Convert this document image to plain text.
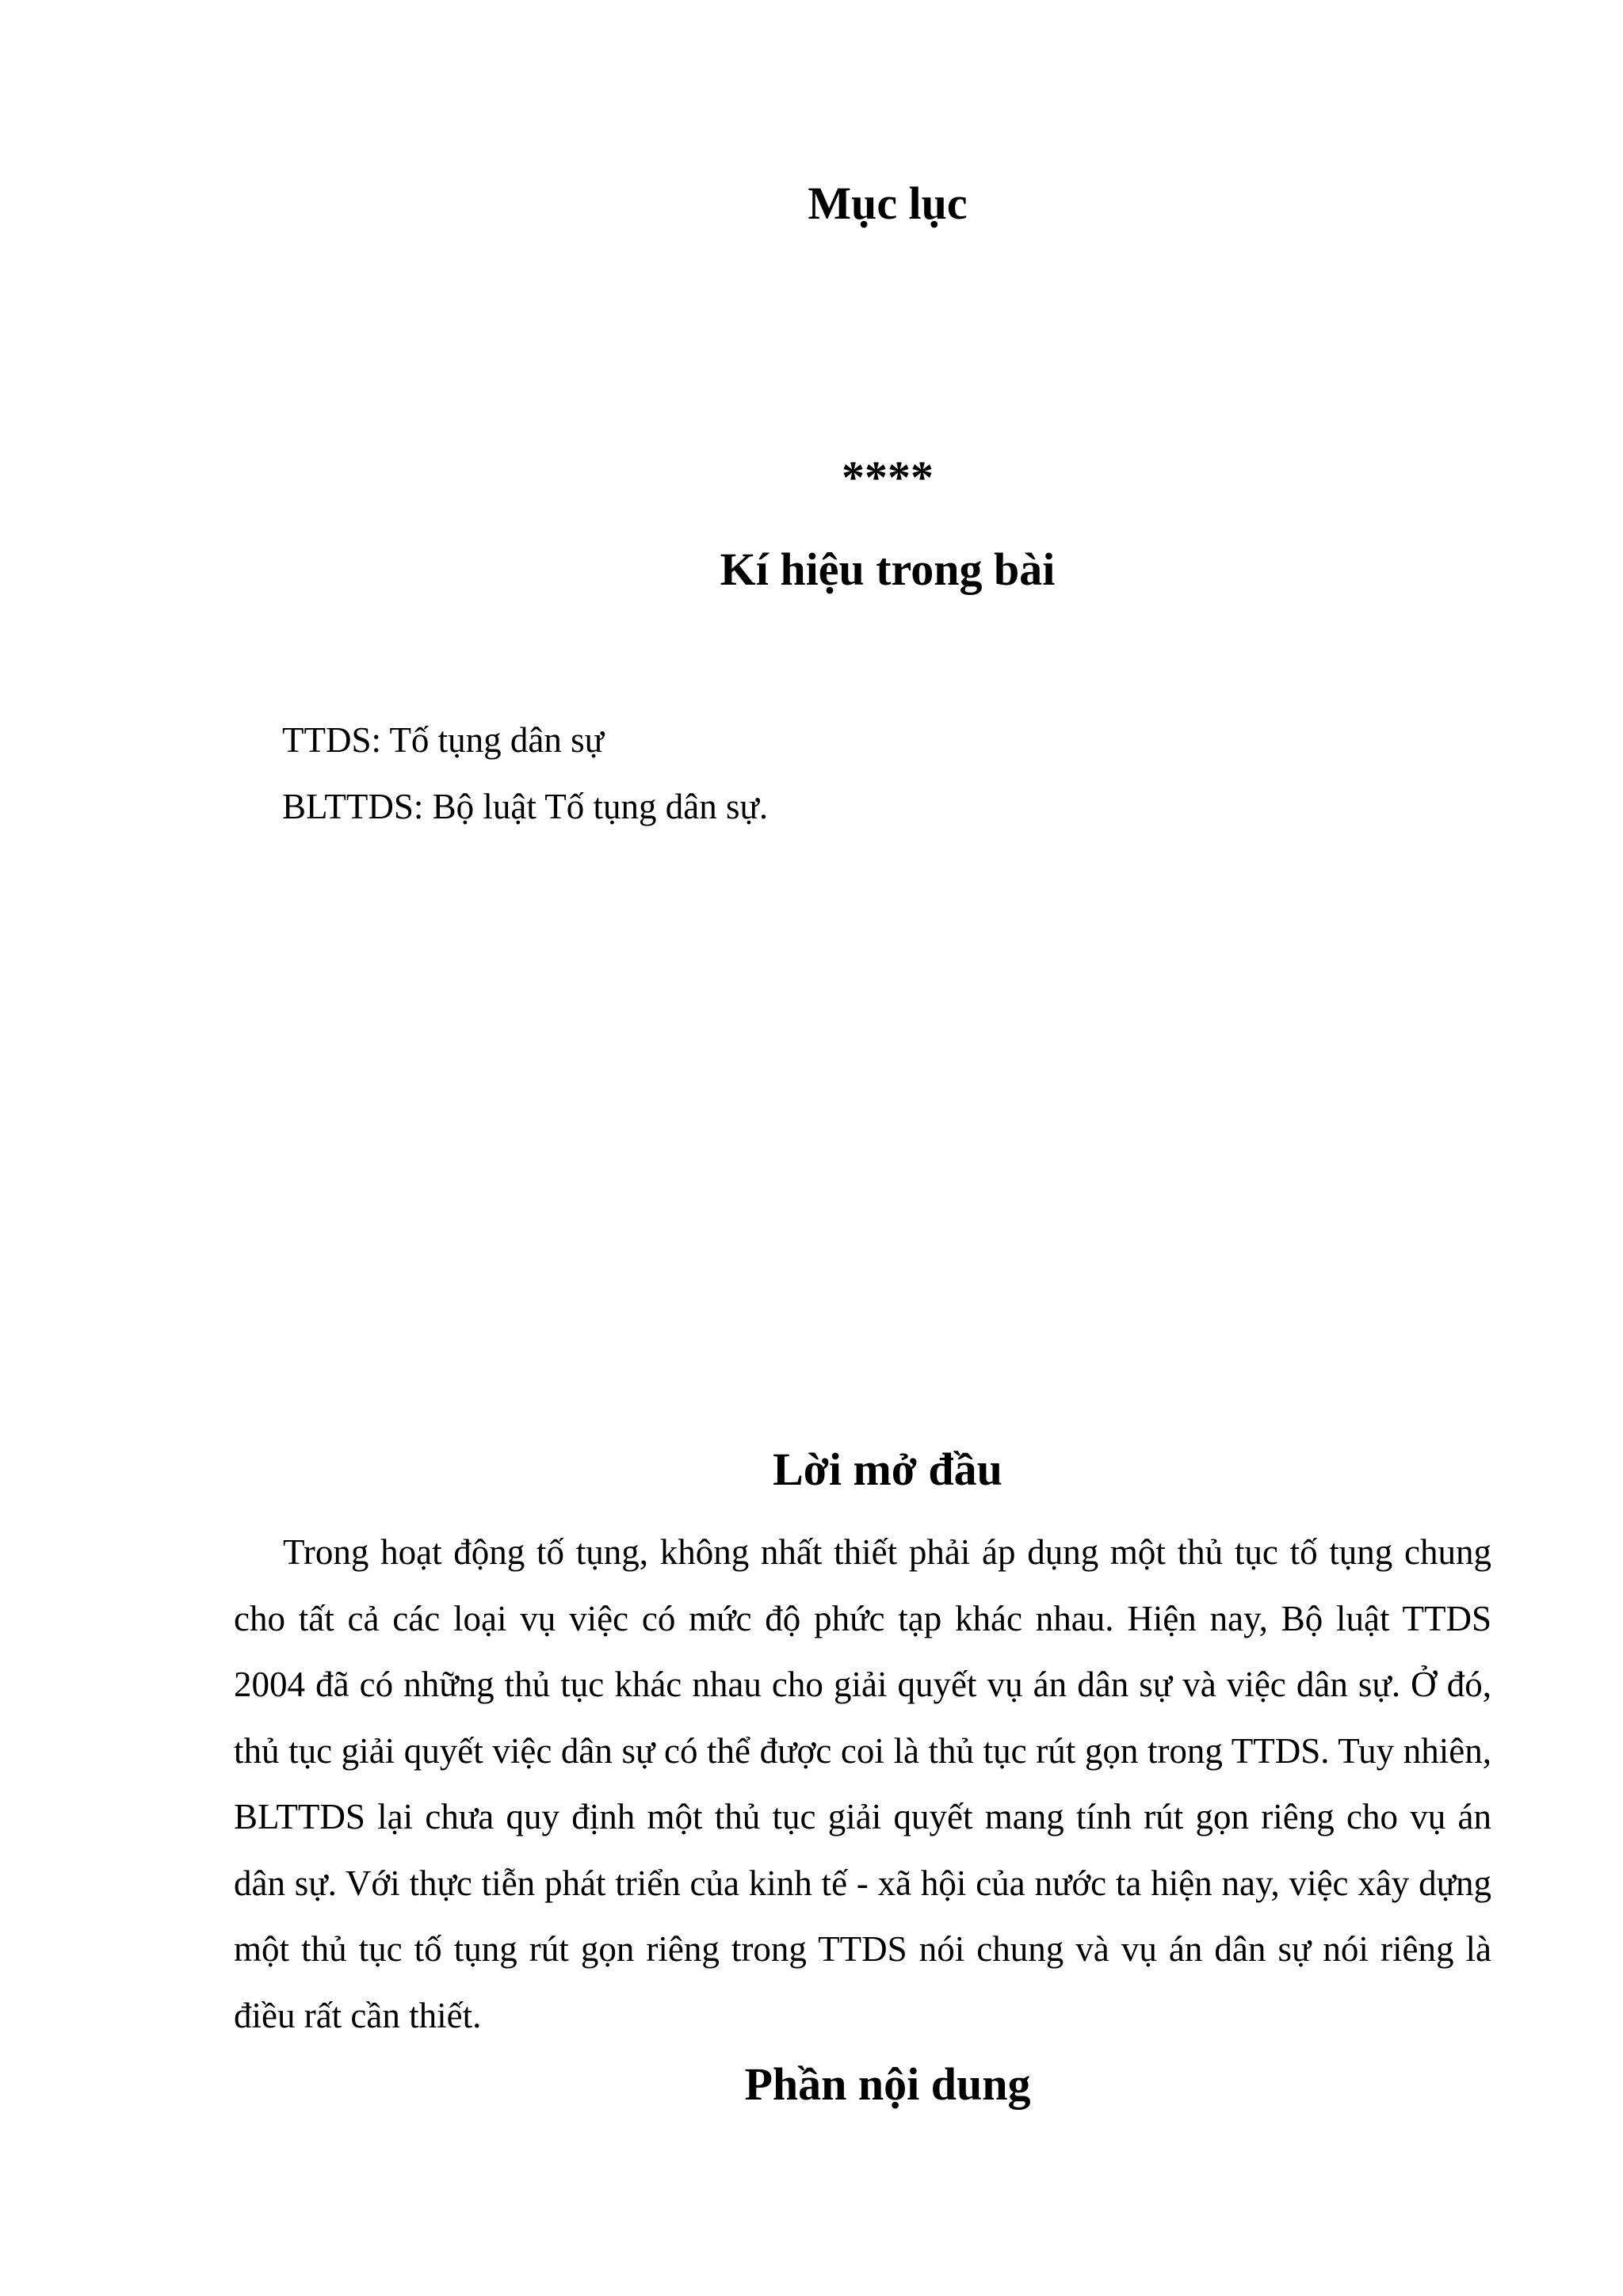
Mục lục
****
Kí hiệu trong bài
TTDS: Tố tụng dân sự
BLTTDS: Bộ luật Tố tụng dân sự.
Lời mở đầu

Trong hoạt động tố tụng, không nhất thiết phải áp dụng một thủ tục tố tụng chung cho tất cả các loại vụ việc có mức độ phức tạp khác nhau. Hiện nay, Bộ luật TTDS 2004 đã có những thủ tục khác nhau cho giải quyết vụ án dân sự và việc dân sự. Ở đó, thủ tục giải quyết việc dân sự có thể được coi là thủ tục rút gọn trong TTDS. Tuy nhiên, BLTTDS lại chưa quy định một thủ tục giải quyết mang tính rút gọn riêng cho vụ án dân sự. Với thực tiễn phát triển của kinh tế - xã hội của nước ta hiện nay, việc xây dựng một thủ tục tố tụng rút gọn riêng trong TTDS nói chung và vụ án dân sự nói riêng là điều rất cần thiết.

Phần nội dung
